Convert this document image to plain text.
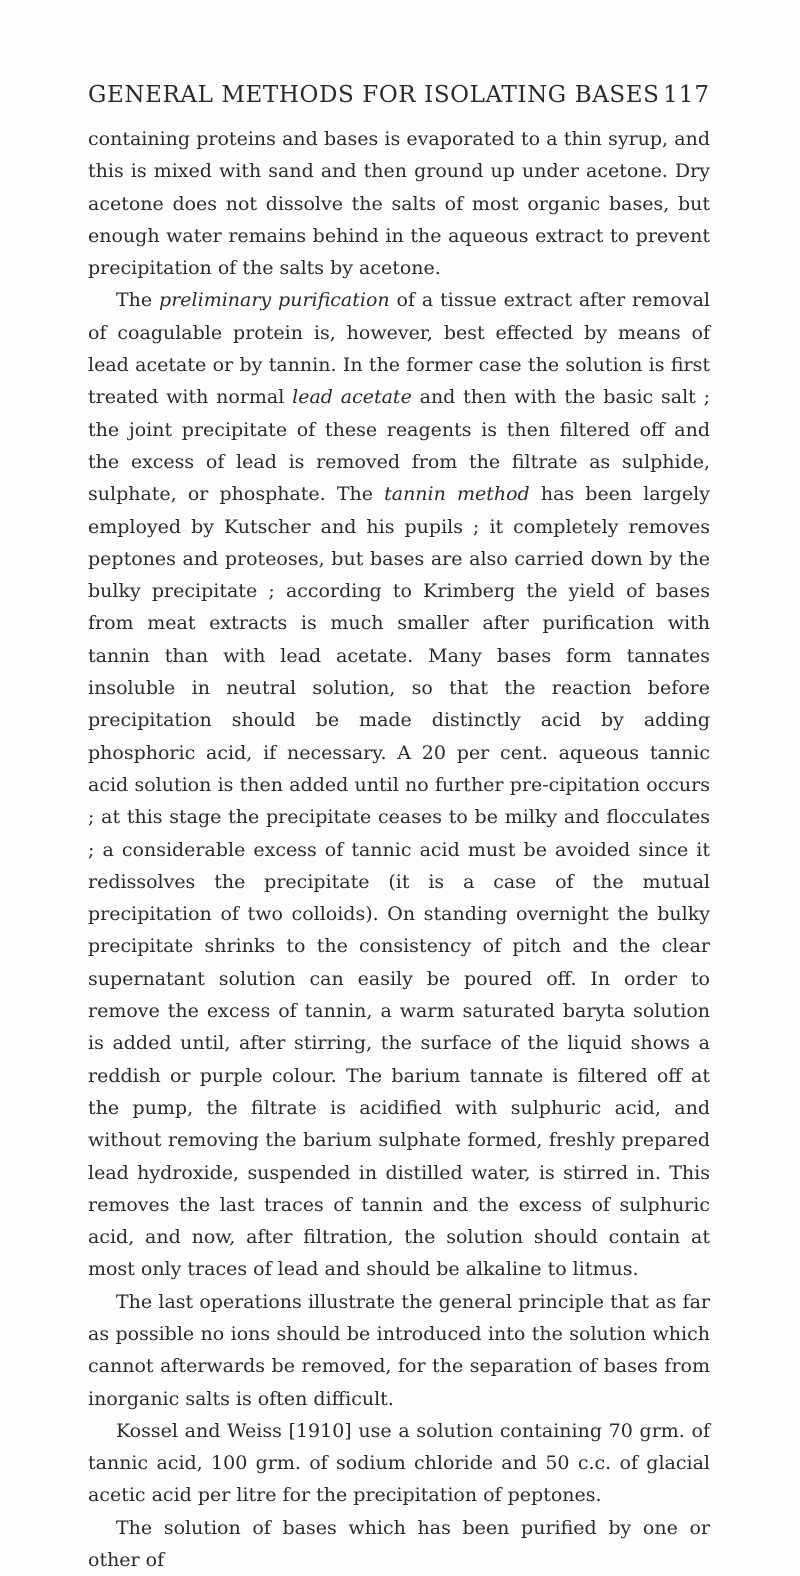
GENERAL METHODS FOR ISOLATING BASES 117

containing proteins and bases is evaporated to a thin syrup, and this is mixed with sand and then ground up under acetone. Dry acetone does not dissolve the salts of most organic bases, but enough water remains behind in the aqueous extract to prevent precipitation of the salts by acetone.

The preliminary purification of a tissue extract after removal of coagulable protein is, however, best effected by means of lead acetate or by tannin. In the former case the solution is first treated with normal lead acetate and then with the basic salt ; the joint precipitate of these reagents is then filtered off and the excess of lead is removed from the filtrate as sulphide, sulphate, or phosphate. The tannin method has been largely employed by Kutscher and his pupils ; it completely removes peptones and proteoses, but bases are also carried down by the bulky precipitate ; according to Krimberg the yield of bases from meat extracts is much smaller after purification with tannin than with lead acetate. Many bases form tannates insoluble in neutral solution, so that the reaction before precipitation should be made distinctly acid by adding phosphoric acid, if necessary. A 20 per cent. aqueous tannic acid solution is then added until no further pre-cipitation occurs ; at this stage the precipitate ceases to be milky and flocculates ; a considerable excess of tannic acid must be avoided since it redissolves the precipitate (it is a case of the mutual precipitation of two colloids). On standing overnight the bulky precipitate shrinks to the consistency of pitch and the clear supernatant solution can easily be poured off. In order to remove the excess of tannin, a warm saturated baryta solution is added until, after stirring, the surface of the liquid shows a reddish or purple colour. The barium tannate is filtered off at the pump, the filtrate is acidified with sulphuric acid, and without removing the barium sulphate formed, freshly prepared lead hydroxide, suspended in distilled water, is stirred in. This removes the last traces of tannin and the excess of sulphuric acid, and now, after filtration, the solution should contain at most only traces of lead and should be alkaline to litmus.

The last operations illustrate the general principle that as far as possible no ions should be introduced into the solution which cannot afterwards be removed, for the separation of bases from inorganic salts is often difficult.

Kossel and Weiss [1910] use a solution containing 70 grm. of tannic acid, 100 grm. of sodium chloride and 50 c.c. of glacial acetic acid per litre for the precipitation of peptones.

The solution of bases which has been purified by one or other of
